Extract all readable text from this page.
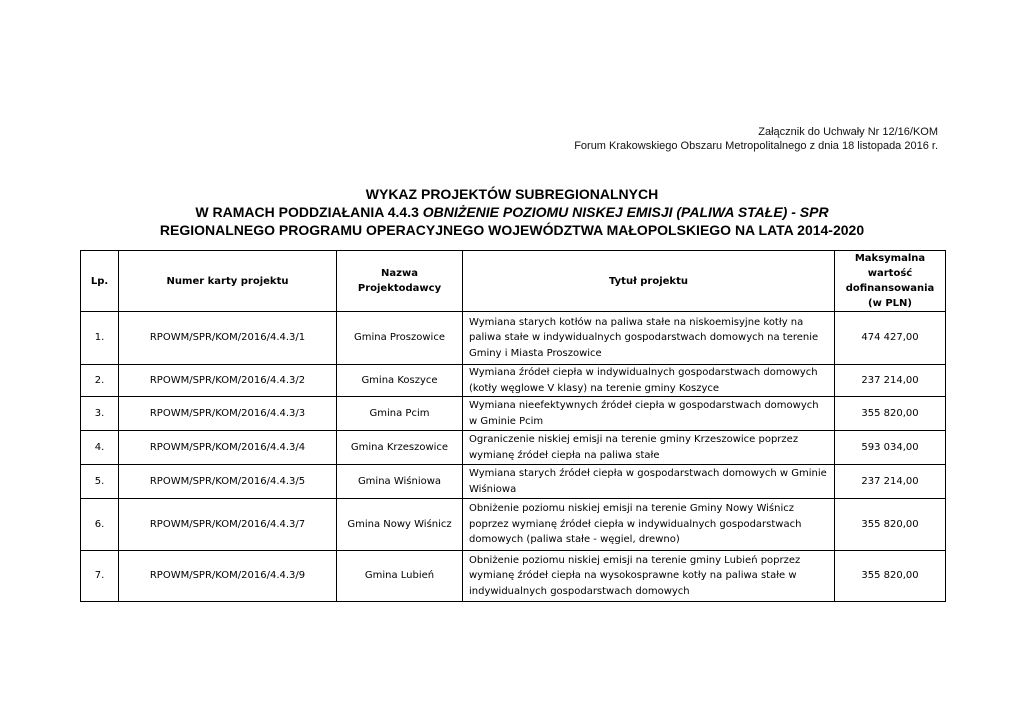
Załącznik do Uchwały Nr 12/16/KOM
Forum Krakowskiego Obszaru Metropolitalnego z dnia 18 listopada 2016 r.
WYKAZ PROJEKTÓW SUBREGIONALNYCH
W RAMACH PODDZIAŁANIA 4.4.3 OBNIŻENIE POZIOMU NISKEJ EMISJI (PALIWA STAŁE) - SPR
REGIONALNEGO PROGRAMU OPERACYJNEGO WOJEWÓDZTWA MAŁOPOLSKIEGO NA LATA 2014-2020
Lp.	Numer karty projektu	Nazwa Projektodawcy	Tytuł projektu	Maksymalna
wartość
dofinansowania
(w PLN)

1.	RPOWM/SPR/KOM/2016/4.4.3/1	Gmina Proszowice	Wymiana starych kotłów na paliwa stałe na niskoemisyjne kotły na paliwa stałe w indywidualnych gospodarstwach domowych na terenie Gminy i Miasta Proszowice	474 427,00
2.	RPOWM/SPR/KOM/2016/4.4.3/2	Gmina Koszyce	Wymiana źródeł ciepła w indywidualnych gospodarstwach domowych (kotły węglowe V klasy) na terenie gminy Koszyce	237 214,00
3.	RPOWM/SPR/KOM/2016/4.4.3/3	Gmina Pcim	Wymiana nieefektywnych źródeł ciepła w gospodarstwach domowych w Gminie Pcim	355 820,00
4.	RPOWM/SPR/KOM/2016/4.4.3/4	Gmina Krzeszowice	Ograniczenie niskiej emisji na terenie gminy Krzeszowice poprzez wymianę źródeł ciepła na paliwa stałe	593 034,00
5.	RPOWM/SPR/KOM/2016/4.4.3/5	Gmina Wiśniowa	Wymiana starych źródeł ciepła w gospodarstwach domowych w Gminie Wiśniowa	237 214,00
6.	RPOWM/SPR/KOM/2016/4.4.3/7	Gmina Nowy Wiśnicz	Obniżenie poziomu niskiej emisji na terenie Gminy Nowy Wiśnicz poprzez wymianę źródeł ciepła w indywidualnych gospodarstwach domowych (paliwa stałe - węgiel, drewno)	355 820,00
7.	RPOWM/SPR/KOM/2016/4.4.3/9	Gmina Lubień	Obniżenie poziomu niskiej emisji na terenie gminy Lubień poprzez wymianę źródeł ciepła na wysokosprawne kotły na paliwa stałe w indywidualnych gospodarstwach domowych	355 820,00
